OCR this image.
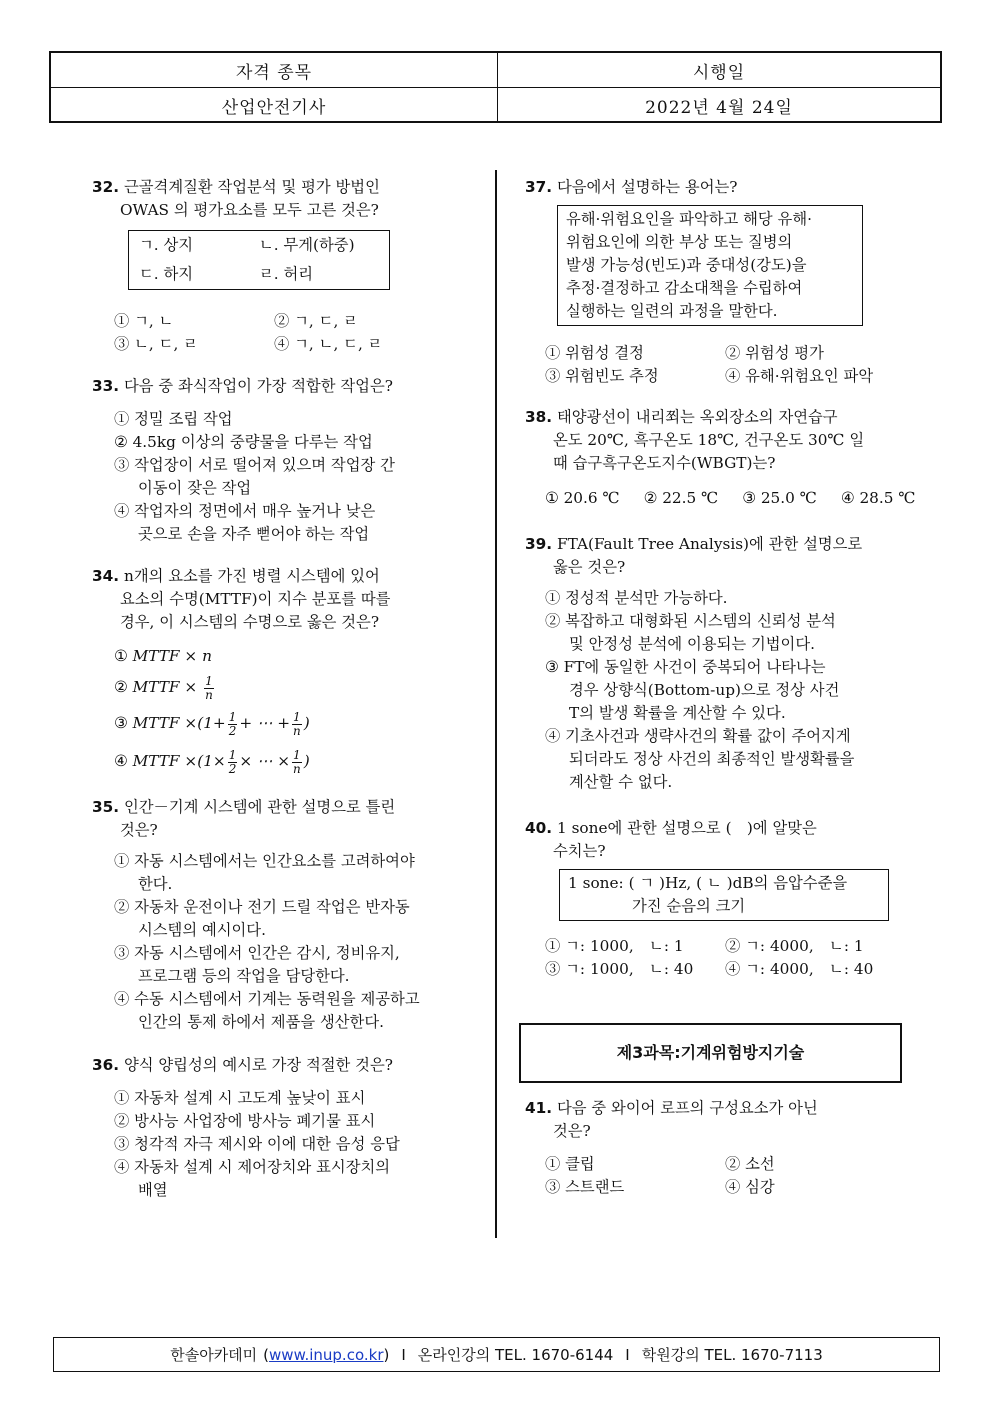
자격 종목	시행일
산업안전기사	2022년 4월 24일
32. 근골격계질환 작업분석 및 평가 방법인
OWAS 의 평가요소를 모두 고른 것은?
ㄱ. 상지	ㄴ. 무게(하중)
ㄷ. 하지	ㄹ. 허리
① ㄱ, ㄴ	② ㄱ, ㄷ, ㄹ
③ ㄴ, ㄷ, ㄹ	④ ㄱ, ㄴ, ㄷ, ㄹ
33. 다음 중 좌식작업이 가장 적합한 작업은?
① 정밀 조립 작업
② 4.5kg 이상의 중량물을 다루는 작업
③ 작업장이 서로 떨어져 있으며 작업장 간
이동이 잦은 작업
④ 작업자의 정면에서 매우 높거나 낮은
곳으로 손을 자주 뻗어야 하는 작업
34. n개의 요소를 가진 병렬 시스템에 있어
요소의 수명(MTTF)이 지수 분포를 따를
경우, 이 시스템의 수명으로 옳은 것은?
① MTTF × n
② MTTF × $\frac{1}{n}$
③ MTTF $\times(1+ \frac{1}{2}$ + ⋯ + $\frac{1}{n}$ )
④ MTTF $\times(1\times \frac{1}{2}$ × ⋯ × $\frac{1}{n}$ )
35. 인간－기계 시스템에 관한 설명으로 틀린
것은?
① 자동 시스템에서는 인간요소를 고려하여야
한다.
② 자동차 운전이나 전기 드릴 작업은 반자동
시스템의 예시이다.
③ 자동 시스템에서 인간은 감시, 정비유지,
프로그램 등의 작업을 담당한다.
④ 수동 시스템에서 기계는 동력원을 제공하고
인간의 통제 하에서 제품을 생산한다.
36. 양식 양립성의 예시로 가장 적절한 것은?
① 자동차 설계 시 고도계 높낮이 표시
② 방사능 사업장에 방사능 폐기물 표시
③ 청각적 자극 제시와 이에 대한 음성 응답
④ 자동차 설계 시 제어장치와 표시장치의
배열
37. 다음에서 설명하는 용어는?
유해·위험요인을 파악하고 해당 유해·
위험요인에 의한 부상 또는 질병의
발생 가능성(빈도)과 중대성(강도)을
추정·결정하고 감소대책을 수립하여
실행하는 일련의 과정을 말한다.
① 위험성 결정	② 위험성 평가
③ 위험빈도 추정	④ 유해·위험요인 파악
38. 태양광선이 내리쬐는 옥외장소의 자연습구
온도 20℃, 흑구온도 18℃, 건구온도 30℃ 일
때 습구흑구온도지수(WBGT)는?
① 20.6 ℃ ② 22.5 ℃ ③ 25.0 ℃ ④ 28.5 ℃
39. FTA(Fault Tree Analysis)에 관한 설명으로
옳은 것은?
① 정성적 분석만 가능하다.
② 복잡하고 대형화된 시스템의 신뢰성 분석
및 안정성 분석에 이용되는 기법이다.
③ FT에 동일한 사건이 중복되어 나타나는
경우 상향식(Bottom-up)으로 정상 사건
T의 발생 확률을 계산할 수 있다.
④ 기초사건과 생략사건의 확률 값이 주어지게
되더라도 정상 사건의 최종적인 발생확률을
계산할 수 없다.
40. 1 sone에 관한 설명으로 (　)에 알맞은
수치는?
1 sone: ( ㄱ )Hz, ( ㄴ )dB의 음압수준을
가진 순음의 크기
① ㄱ: 1000,　ㄴ: 1	② ㄱ: 4000,　ㄴ: 1
③ ㄱ: 1000,　ㄴ: 40	④ ㄱ: 4000,　ㄴ: 40
제3과목:기계위험방지기술
41. 다음 중 와이어 로프의 구성요소가 아닌
것은?
① 클립	② 소선
③ 스트랜드	④ 심강
한솔아카데미 ( www.inup.co.kr ) I 온라인강의 TEL. 1670-6144 I 학원강의 TEL. 1670-7113
